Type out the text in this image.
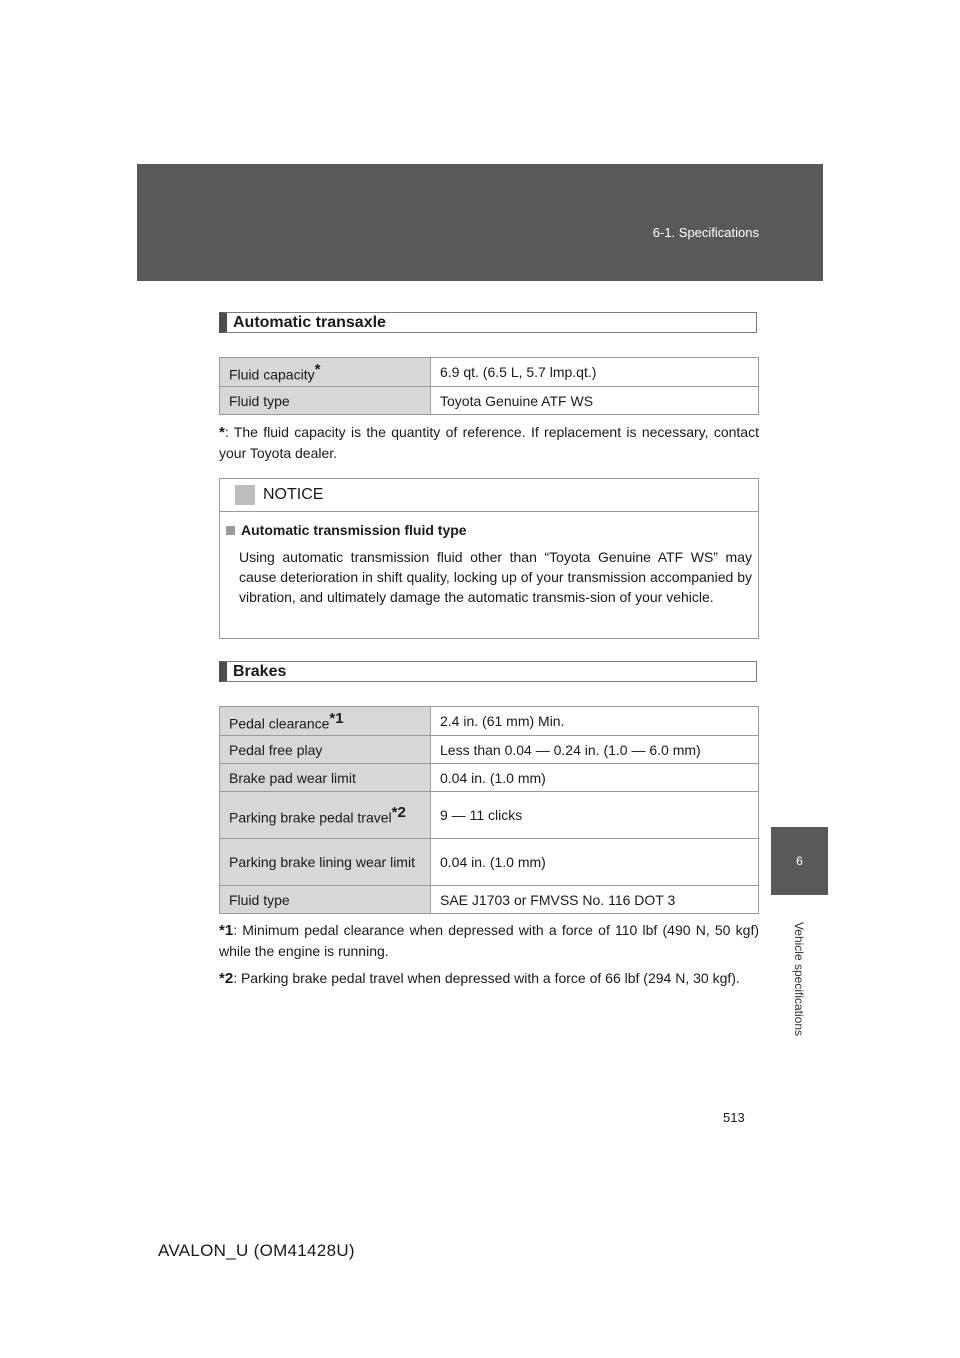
6-1. Specifications
6
Vehicle specifications
Automatic transaxle
Fluid capacity*	6.9 qt. (6.5 L, 5.7 lmp.qt.)
Fluid type	Toyota Genuine ATF WS
*: The fluid capacity is the quantity of reference. If replacement is necessary, contact your Toyota dealer.
NOTICE
Automatic transmission fluid type
Using automatic transmission fluid other than “Toyota Genuine ATF WS” may cause deterioration in shift quality, locking up of your transmission accompanied by vibration, and ultimately damage the automatic transmis-sion of your vehicle.
Brakes
Pedal clearance$^{*1}$	2.4 in. (61 mm) Min.
Pedal free play	Less than 0.04 — 0.24 in. (1.0 — 6.0 mm)
Brake pad wear limit	0.04 in. (1.0 mm)
Parking brake pedal travel$^{*2}$	9 — 11 clicks
Parking brake lining wear limit	0.04 in. (1.0 mm)
Fluid type	SAE J1703 or FMVSS No. 116 DOT 3
*1: Minimum pedal clearance when depressed with a force of 110 lbf (490 N, 50 kgf) while the engine is running.
*2: Parking brake pedal travel when depressed with a force of 66 lbf (294 N, 30 kgf).
513
AVALON_U (OM41428U)
